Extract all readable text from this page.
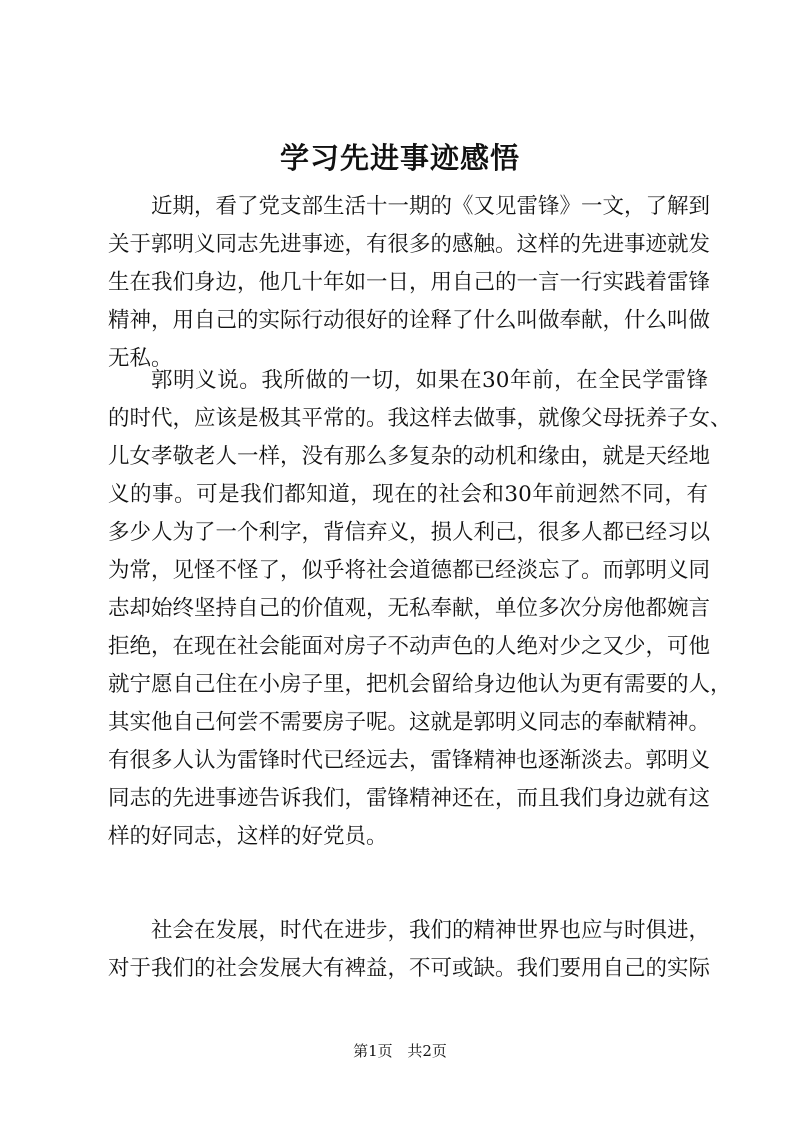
学习先进事迹感悟
近期，看了党支部生活十一期的《又见雷锋》一文，了解到
关于郭明义同志先进事迹，有很多的感触。这样的先进事迹就发
生在我们身边，他几十年如一日，用自己的一言一行实践着雷锋
精神，用自己的实际行动很好的诠释了什么叫做奉献，什么叫做
无私。
郭明义说。我所做的一切，如果在30年前，在全民学雷锋
的时代，应该是极其平常的。我这样去做事，就像父母抚养子女、
儿女孝敬老人一样，没有那么多复杂的动机和缘由，就是天经地
义的事。可是我们都知道，现在的社会和30年前迥然不同，有
多少人为了一个利字，背信弃义，损人利己，很多人都已经习以
为常，见怪不怪了，似乎将社会道德都已经淡忘了。而郭明义同
志却始终坚持自己的价值观，无私奉献，单位多次分房他都婉言
拒绝，在现在社会能面对房子不动声色的人绝对少之又少，可他
就宁愿自己住在小房子里，把机会留给身边他认为更有需要的人，
其实他自己何尝不需要房子呢。这就是郭明义同志的奉献精神。
有很多人认为雷锋时代已经远去，雷锋精神也逐渐淡去。郭明义
同志的先进事迹告诉我们，雷锋精神还在，而且我们身边就有这
样的好同志，这样的好党员。
社会在发展，时代在进步，我们的精神世界也应与时俱进，
对于我们的社会发展大有裨益，不可或缺。我们要用自己的实际
第1页 共2页
